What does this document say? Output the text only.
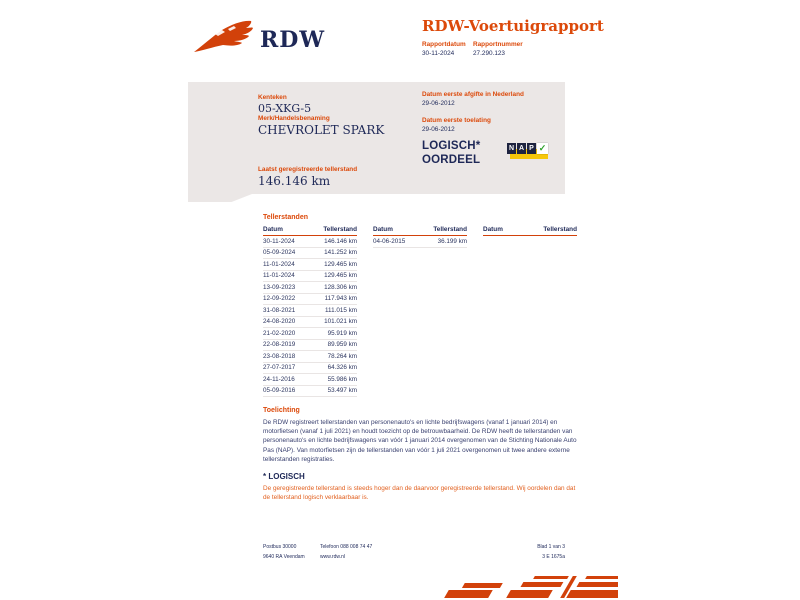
RDW
RDW-Voertuigrapport
Rapportdatum
30-11-2024
Rapportnummer
27.290.123
Kenteken
05-XKG-5
Merk/Handelsbenaming
CHEVROLET SPARK
Laatst geregistreerde tellerstand
146.146 km
Datum eerste afgifte in Nederland
29-06-2012
Datum eerste toelating
29-06-2012
LOGISCH*
OORDEEL
N A P ✓
Tellerstanden
Datum	Tellerstand
30-11-2024	146.146 km
05-09-2024	141.252 km
11-01-2024	129.465 km
11-01-2024	129.465 km
13-09-2023	128.306 km
12-09-2022	117.943 km
31-08-2021	111.015 km
24-08-2020	101.021 km
21-02-2020	95.919 km
22-08-2019	89.959 km
23-08-2018	78.264 km
27-07-2017	64.326 km
24-11-2016	55.986 km
05-09-2016	53.497 km
Datum	Tellerstand
04-06-2015	36.199 km
Datum	Tellerstand
Toelichting

De RDW registreert tellerstanden van personenauto's en lichte bedrijfswagens (vanaf 1 januari 2014) en motorfietsen (vanaf 1 juli 2021) en houdt toezicht op de betrouwbaarheid. De RDW heeft de tellerstanden van personenauto's en lichte bedrijfswagens van vóór 1 januari 2014 overgenomen van de Stichting Nationale Auto Pas (NAP). Van motorfietsen zijn de tellerstanden van vóór 1 juli 2021 overgenomen uit twee andere externe tellerstanden registraties.

* LOGISCH

De geregistreerde tellerstand is steeds hoger dan de daarvoor geregistreerde tellerstand. Wij oordelen dan dat de tellerstand logisch verklaarbaar is.

Postbus 30000
9640 RA Veendam
Telefoon 088 008 74 47
www.rdw.nl
Blad 1 van 3
3 E 1675a
